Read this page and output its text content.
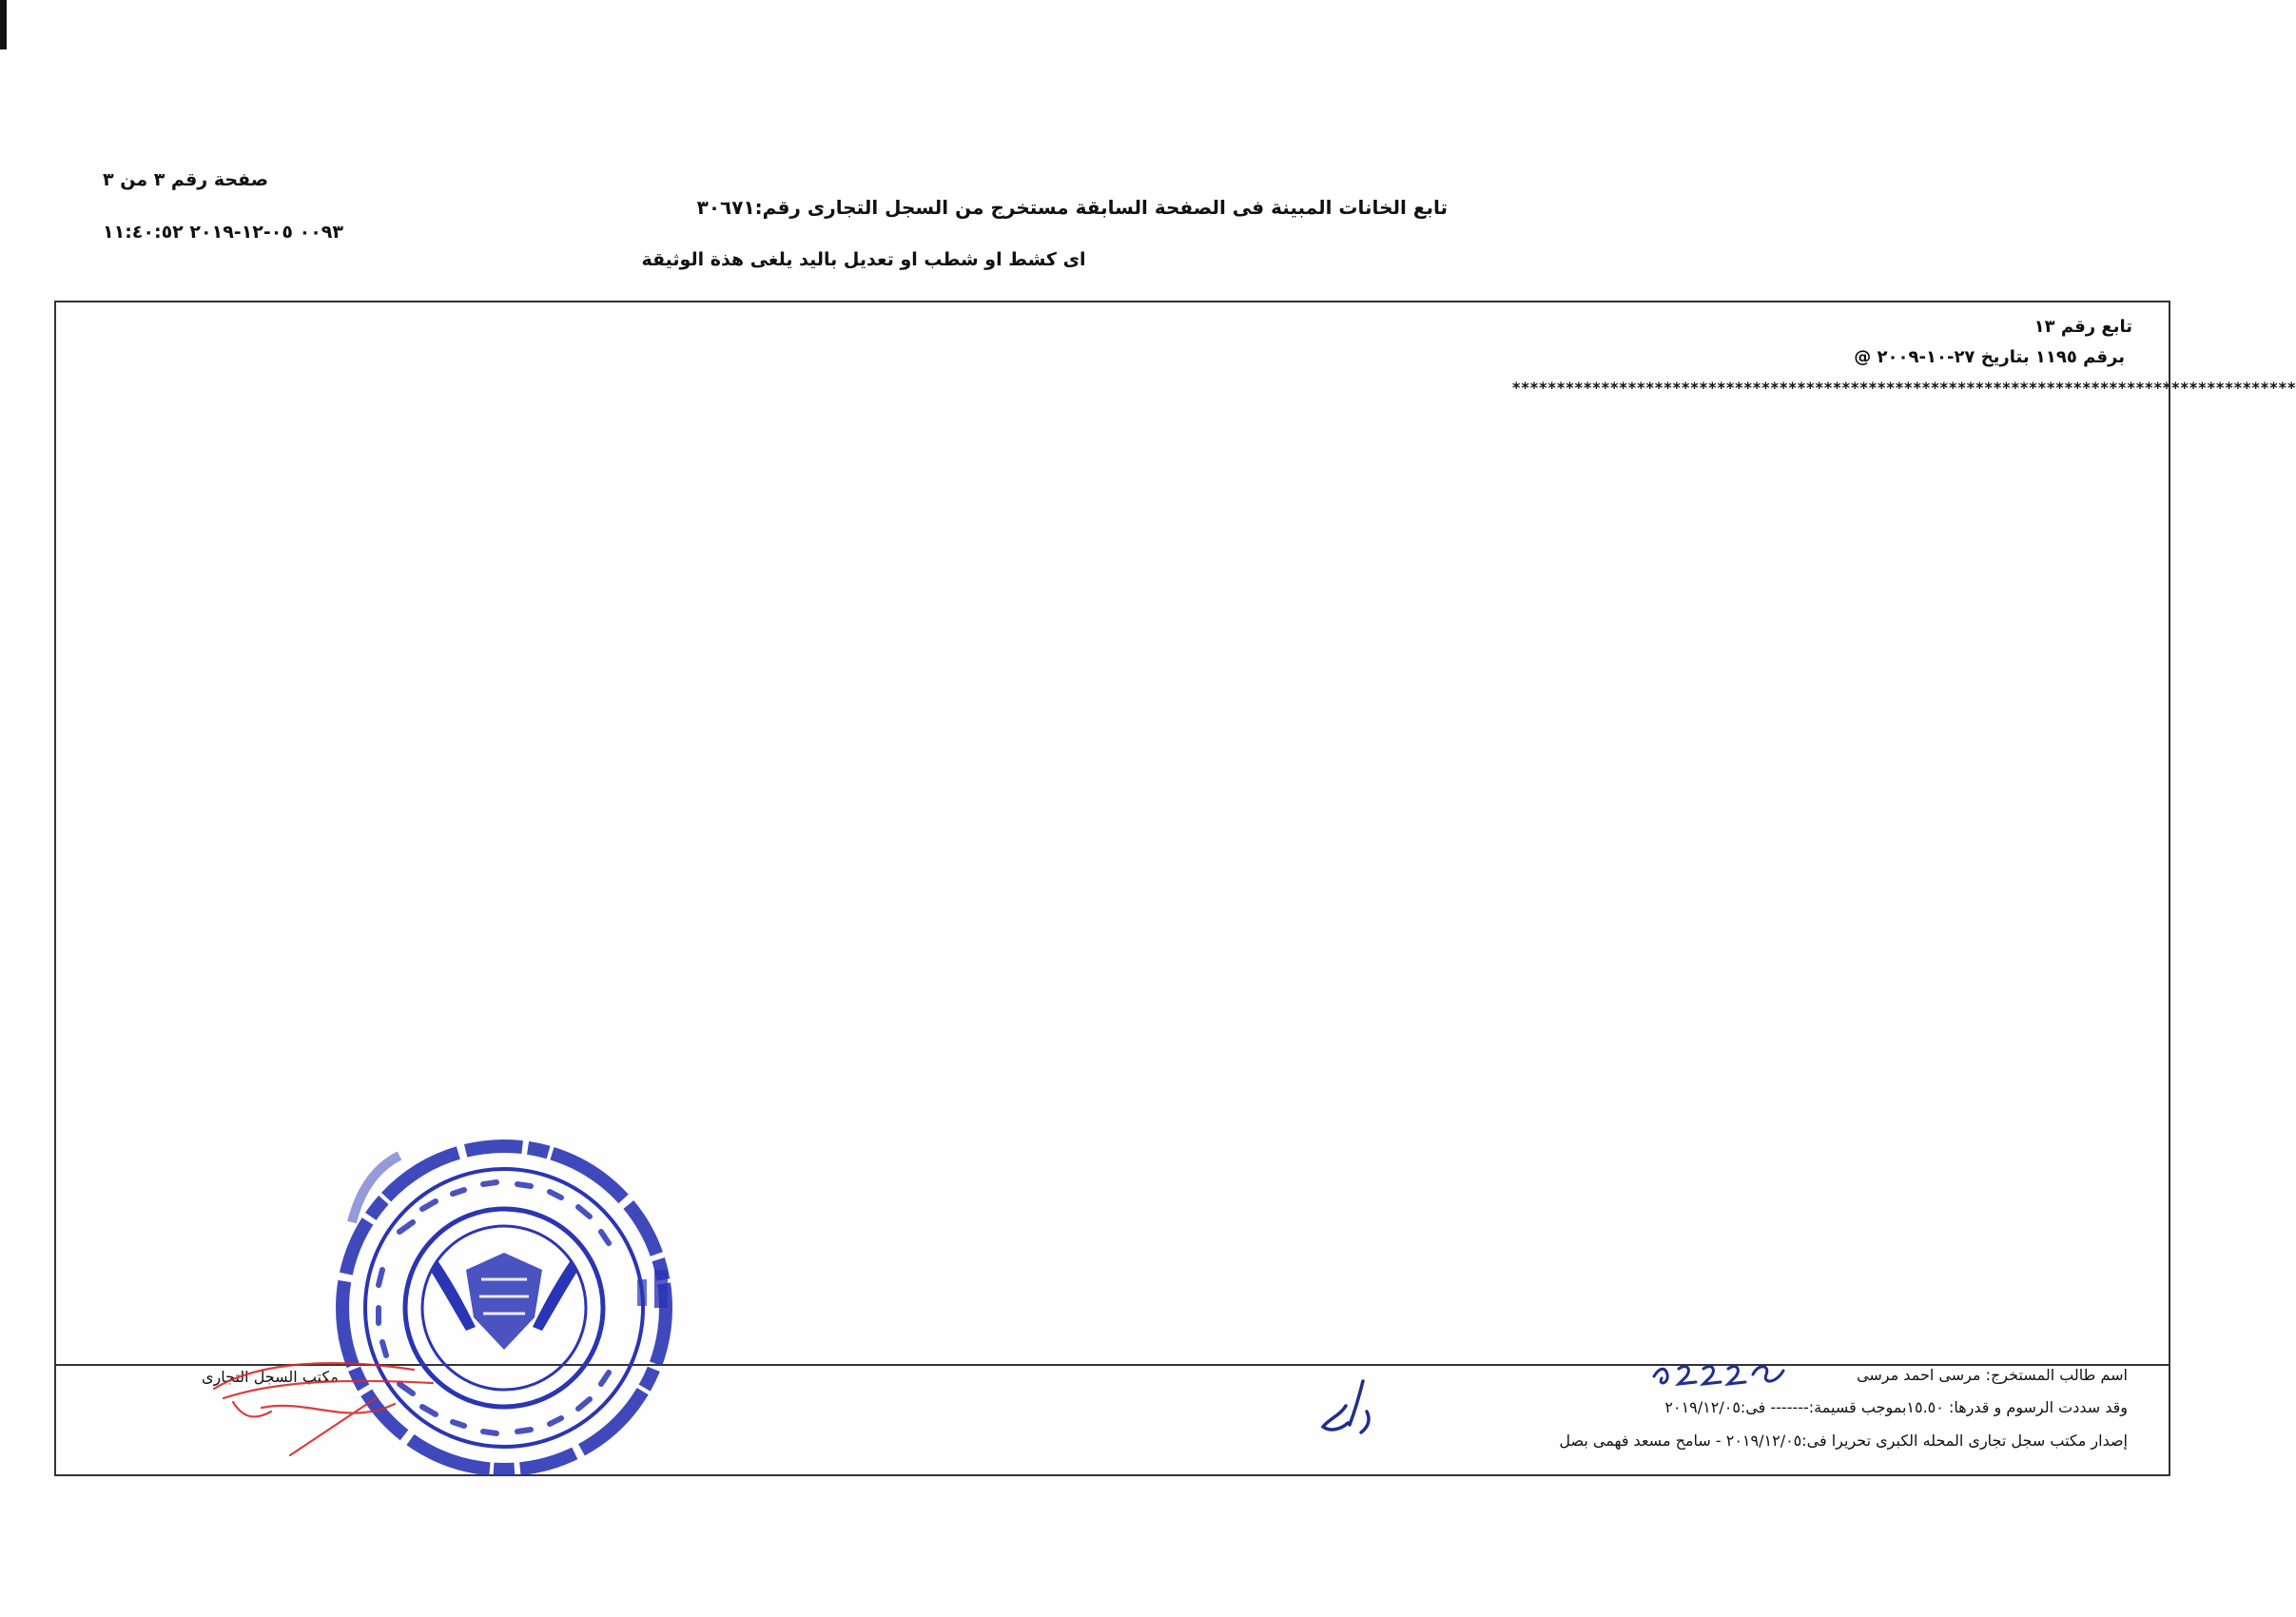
صفحة رقم ٣ من ٣
٠٠٩٣ ٠٥-١٢-٢٠١٩ ١١:٤٠:٥٢
تابع الخانات المبينة فى الصفحة السابقة مستخرج من السجل التجارى رقم:٣٠٦٧١
اى كشط او شطب او تعديل باليد يلغى هذة الوثيقة
تابع رقم ١٣
برقم ١١٩٥ بتاريخ ٢٧-١٠-٢٠٠٩ @
****************************************************************************************
اسم طالب المستخرج: مرسى احمد مرسى
وقد سددت الرسوم و قدرها: ١٥.٥٠بموجب قسيمة:------- فى:٢٠١٩/١٢/٠٥
إصدار مكتب سجل تجارى المحله الكبرى تحريرا فى:٢٠١٩/١٢/٠٥ - سامح مسعد فهمى بصل
مكتب السجل التجارى
